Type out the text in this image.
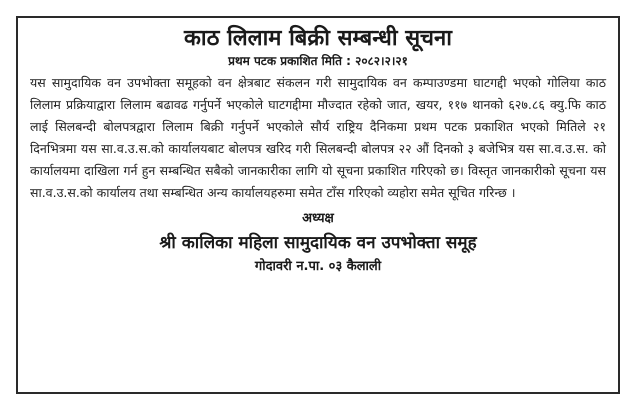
काठ लिलाम बिक्री सम्बन्धी सूचना

प्रथम पटक प्रकाशित मिति : २०८२।२।२१

यस सामुदायिक वन उपभोक्ता समूहको वन क्षेत्रबाट संकलन गरी सामुदायिक वन कम्पाउण्डमा घाटगद्दी भएको गोलिया काठ लिलाम प्रक्रियाद्वारा लिलाम बढावढ गर्नुपर्ने भएकोले घाटगद्दीमा मौज्दात रहेको जात, खयर, ११७ थानको ६२७.८६ क्यु.फि काठ लाई सिलबन्दी बोलपत्रद्वारा लिलाम बिक्री गर्नुपर्ने भएकोले सौर्य राष्ट्रिय दैनिकमा प्रथम पटक प्रकाशित भएको मितिले २१ दिनभित्रमा यस सा.व.उ.स.को कार्यालयबाट बोलपत्र खरिद गरी सिलबन्दी बोलपत्र २२ औं दिनको ३ बजेभित्र यस सा.व.उ.स. को कार्यालयमा दाखिला गर्न हुन सम्बन्धित सबैको जानकारीका लागि यो सूचना प्रकाशित गरिएको छ। विस्तृत जानकारीको सूचना यस सा.व.उ.स.को कार्यालय तथा सम्बन्धित अन्य कार्यालयहरुमा समेत टाँस गरिएको व्यहोरा समेत सूचित गरिन्छ ।

अध्यक्ष

श्री कालिका महिला सामुदायिक वन उपभोक्ता समूह

गोदावरी न.पा. ०३ कैलाली
